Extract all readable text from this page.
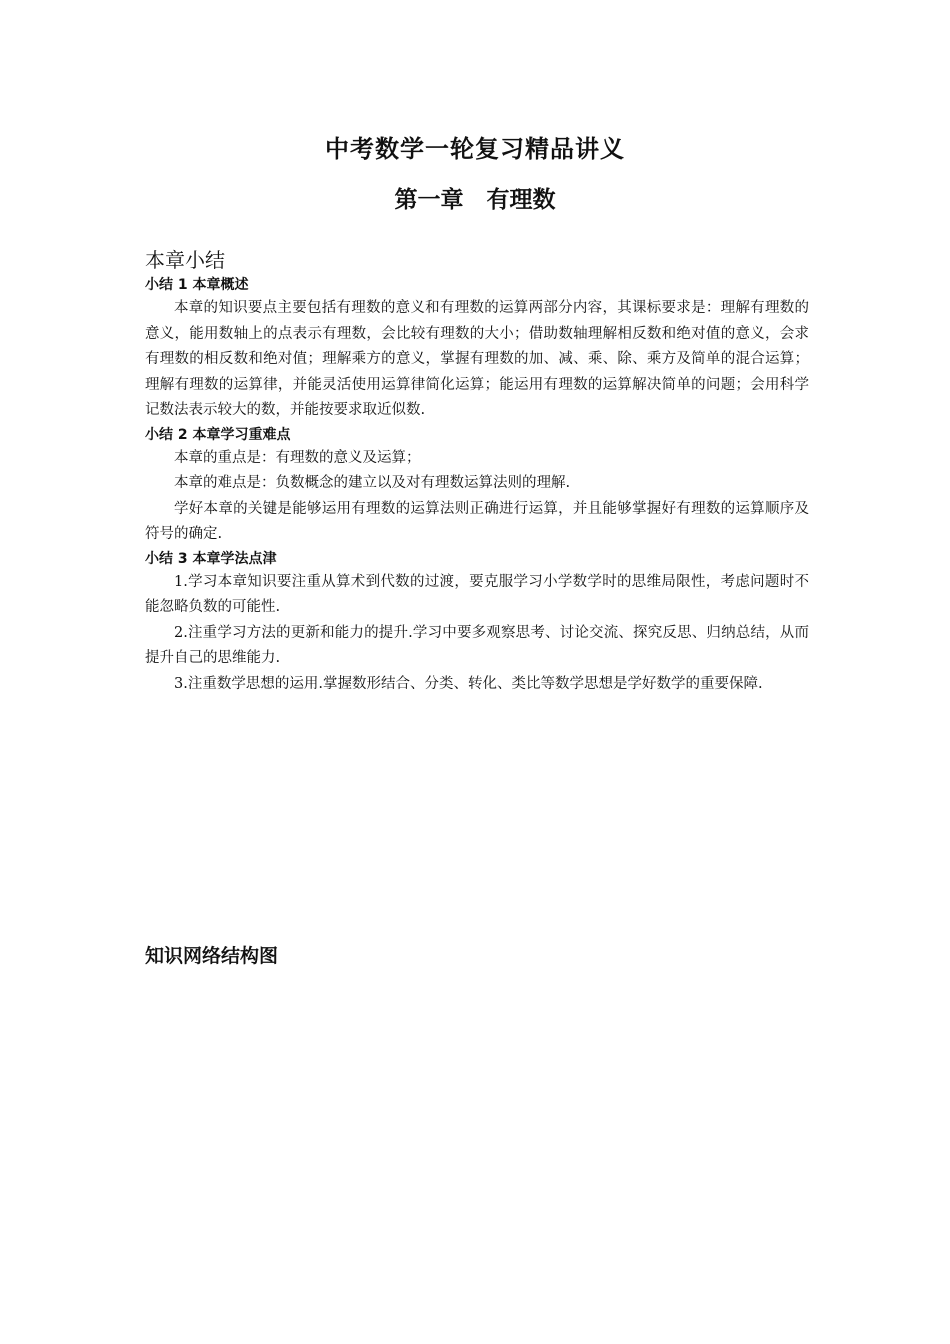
中考数学一轮复习精品讲义
第一章　有理数
本章小结
小结 1 本章概述

本章的知识要点主要包括有理数的意义和有理数的运算两部分内容，其课标要求是：理解有理数的意义，能用数轴上的点表示有理数，会比较有理数的大小；借助数轴理解相反数和绝对值的意义，会求有理数的相反数和绝对值；理解乘方的意义，掌握有理数的加、减、乘、除、乘方及简单的混合运算；理解有理数的运算律，并能灵活使用运算律简化运算；能运用有理数的运算解决简单的问题；会用科学记数法表示较大的数，并能按要求取近似数.

小结 2 本章学习重难点

本章的重点是：有理数的意义及运算；

本章的难点是：负数概念的建立以及对有理数运算法则的理解.

学好本章的关键是能够运用有理数的运算法则正确进行运算，并且能够掌握好有理数的运算顺序及符号的确定.

小结 3 本章学法点津

1.学习本章知识要注重从算术到代数的过渡，要克服学习小学数学时的思维局限性，考虑问题时不能忽略负数的可能性.

2.注重学习方法的更新和能力的提升.学习中要多观察思考、讨论交流、探究反思、归纳总结，从而提升自己的思维能力.

3.注重数学思想的运用.掌握数形结合、分类、转化、类比等数学思想是学好数学的重要保障.

知识网络结构图
